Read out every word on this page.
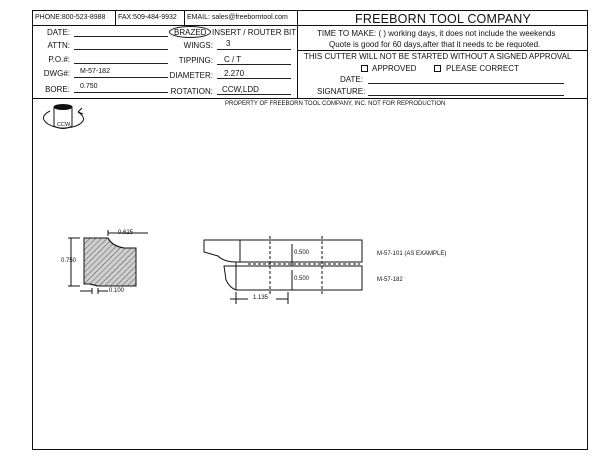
PHONE:800-523-8988 FAX:509-484-9932 EMAIL: sales@freeborntool.com	FREEBORN TOOL COMPANY
DATE:
ATTN:
P.O.#:
DWG#: M-57-182
BORE: 0.750
BRAZED INSERT / ROUTER BIT
WINGS: 3
TIPPING: C / T
DIAMETER: 2.270
ROTATION: CCW,LDD
TIME TO MAKE: ( ) working days, it does not include the weekends
Quote is good for 60 days,after that it needs tc be requoted.
THIS CUTTER WILL NOT BE STARTED WITHOUT A SIGNED APPROVAL
APPROVED	PLEASE CORRECT
DATE:
SIGNATURE:
PROPERTY OF FREEBORN TOOL COMPANY, INC. NOT FOR REPRODUCTION
0.625
0.750
0.100
0.500
0.500
1.135
M-57-101 (AS EXAMPLE)
M-57-182
CCW
